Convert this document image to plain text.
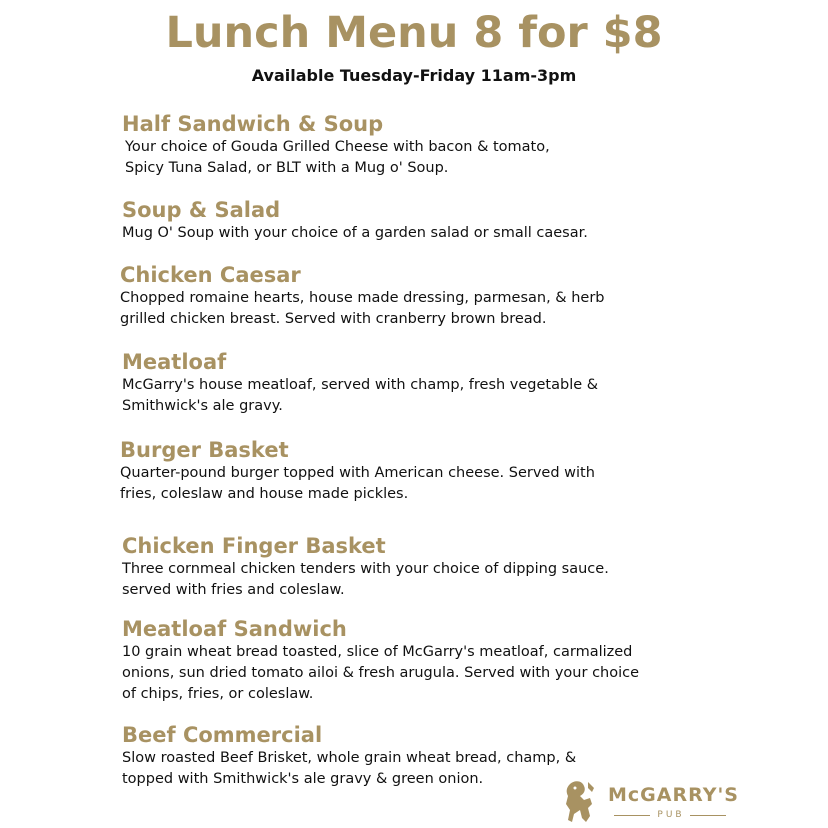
Lunch Menu 8 for $8
Available Tuesday-Friday 11am-3pm
Half Sandwich & Soup
Your choice of Gouda Grilled Cheese with bacon & tomato,
Spicy Tuna Salad, or BLT with a Mug o' Soup.
Soup & Salad
Mug O' Soup with your choice of a garden salad or small caesar.
Chicken Caesar
Chopped romaine hearts, house made dressing, parmesan, & herb
grilled chicken breast. Served with cranberry brown bread.
Meatloaf
McGarry's house meatloaf, served with champ, fresh vegetable &
Smithwick's ale gravy.
Burger Basket
Quarter-pound burger topped with American cheese. Served with
fries, coleslaw and house made pickles.
Chicken Finger Basket
Three cornmeal chicken tenders with your choice of dipping sauce.
served with fries and coleslaw.
Meatloaf Sandwich
10 grain wheat bread toasted, slice of McGarry's meatloaf, carmalized
onions, sun dried tomato ailoi & fresh arugula. Served with your choice
of chips, fries, or coleslaw.
Beef Commercial
Slow roasted Beef Brisket, whole grain wheat bread, champ, &
topped with Smithwick's ale gravy & green onion.
McGARRY'S
PUB
